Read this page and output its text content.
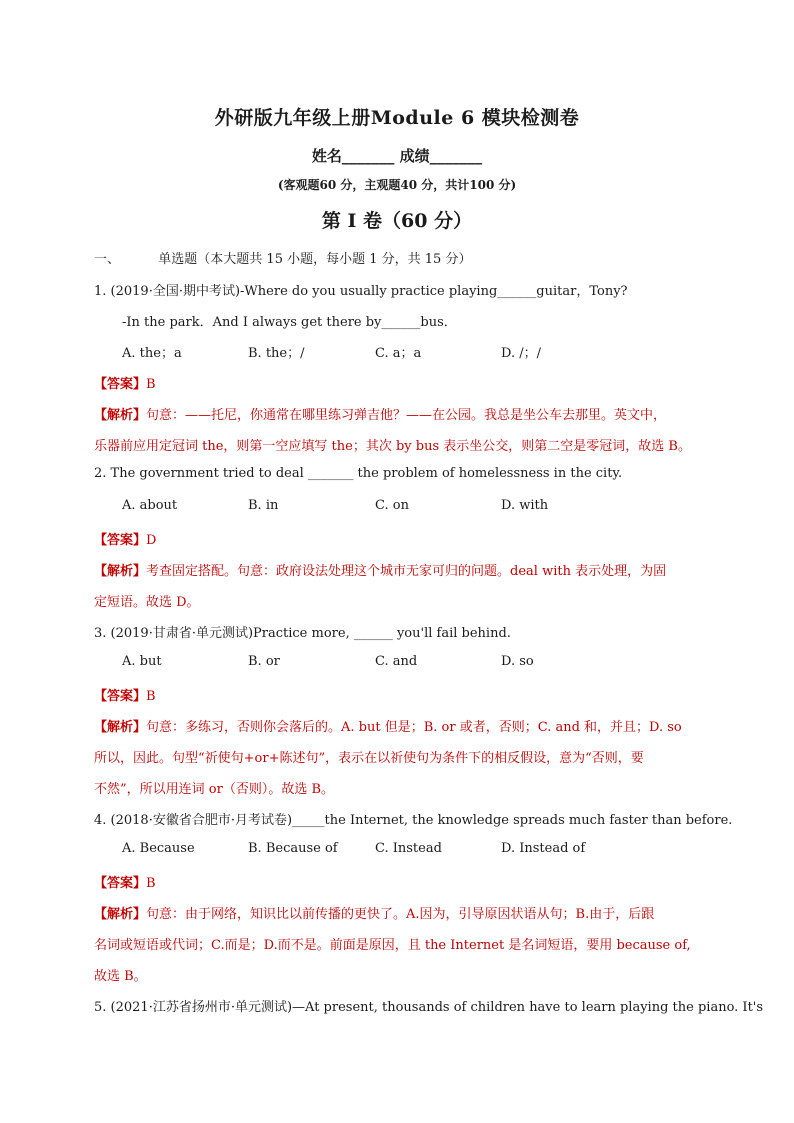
外研版九年级上册Module 6 模块检测卷
姓名_______ 成绩_______
(客观题60 分，主观题40 分，共计100 分)
第 I 卷（60 分）
一、	单选题（本大题共 15 小题，每小题 1 分，共 15 分）
1. (2019·全国·期中考试)-Where do you usually practice playing______guitar，Tony?
-In the park．And I always get there by______bus．
A. the；a	B. the；/	C. a；a	D. /；/
【答案】B
【解析】句意：——托尼，你通常在哪里练习弹吉他？——在公园。我总是坐公车去那里。英文中，
乐器前应用定冠词 the，则第一空应填写 the；其次 by bus 表示坐公交，则第二空是零冠词，故选 B。
2. The government tried to deal _______ the problem of homelessness in the city.
A. about	B. in	C. on	D. with
【答案】D
【解析】考查固定搭配。句意：政府设法处理这个城市无家可归的问题。deal with 表示处理，为固
定短语。故选 D。
3. (2019·甘肃省·单元测试)Practice more, ______ you'll fail behind.
A. but	B. or	C. and	D. so
【答案】B
【解析】句意：多练习，否则你会落后的。A. but 但是；B. or 或者，否则；C. and 和，并且；D. so
所以，因此。句型“祈使句+or+陈述句”，表示在以祈使句为条件下的相反假设，意为“否则，要
不然”，所以用连词 or（否则）。故选 B。
4. (2018·安徽省合肥市·月考试卷)_____the Internet, the knowledge spreads much faster than before.
A. Because	B. Because of	C. Instead	D. Instead of
【答案】B
【解析】句意：由于网络，知识比以前传播的更快了。A.因为，引导原因状语从句；B.由于，后跟
名词或短语或代词；C.而是；D.而不是。前面是原因，且 the Internet 是名词短语，要用 because of,
故选 B。
5. (2021·江苏省扬州市·单元测试)—At present, thousands of children have to learn playing the piano. It's
